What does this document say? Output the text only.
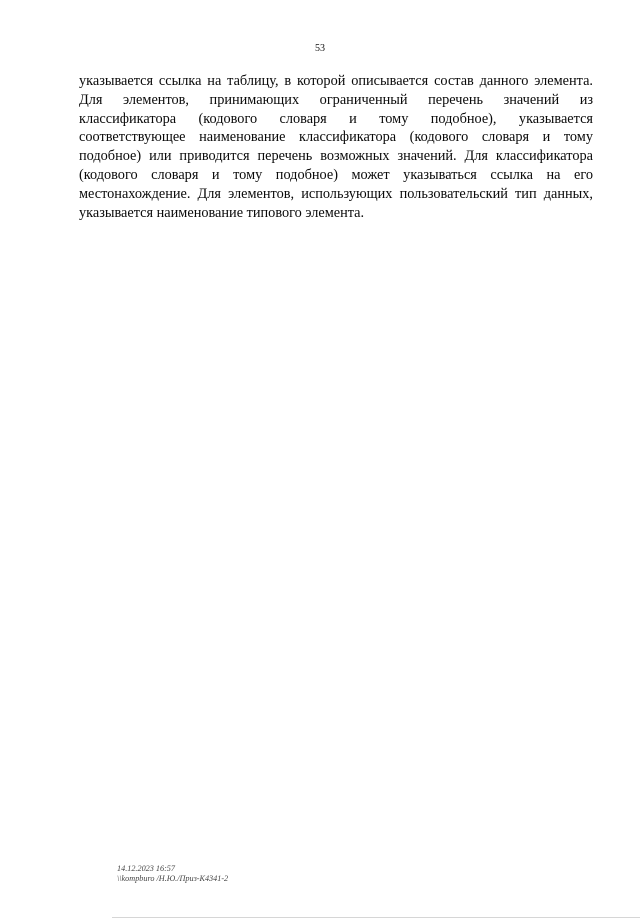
53
указывается ссылка на таблицу, в которой описывается состав данного элемента.
Для элементов, принимающих ограниченный перечень значений из
классификатора (кодового словаря и тому подобное), указывается
соответствующее наименование классификатора (кодового словаря и тому
подобное) или приводится перечень возможных значений. Для классификатора
(кодового словаря и тому подобное) может указываться ссылка на его
местонахождение. Для элементов, использующих пользовательский тип данных,
указывается наименование типового элемента.
14.12.2023 16:57
\\kompburo /Н.Ю./Приз-К4341-2
